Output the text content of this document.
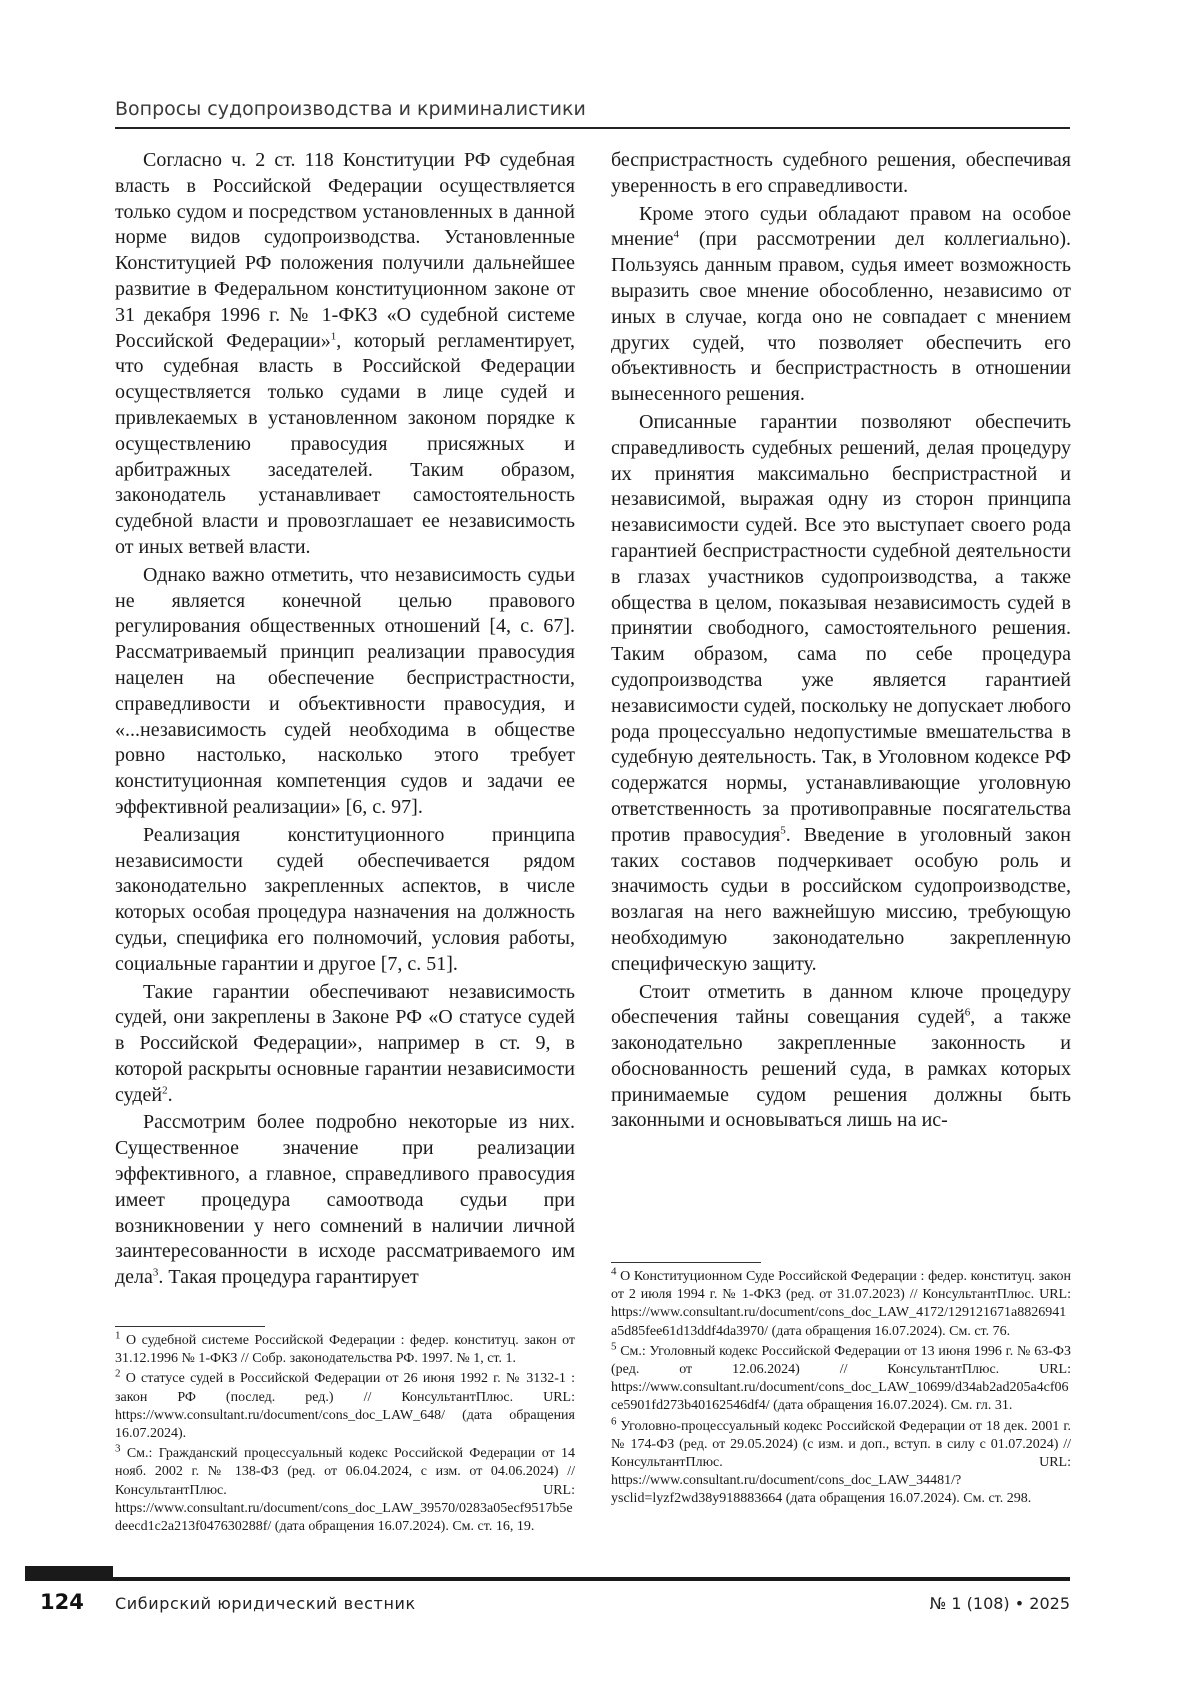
Вопросы судопроизводства и криминалистики

Согласно ч. 2 ст. 118 Конституции РФ судебная власть в Российской Федерации осуществляется только судом и посредством установленных в данной норме видов судопроизводства. Установленные Конституцией РФ положения получили дальнейшее развитие в Федеральном конституционном законе от 31 декабря 1996 г. № 1-ФКЗ «О судебной системе Российской Федерации»$^1$, который регламентирует, что судебная власть в Российской Федерации осуществляется только судами в лице судей и привлекаемых в установленном законом порядке к осуществлению правосудия присяжных и арбитражных заседателей. Таким образом, законодатель устанавливает самостоятельность судебной власти и провозглашает ее независимость от иных ветвей власти.

Однако важно отметить, что независимость судьи не является конечной целью правового регулирования общественных отношений [4, с. 67]. Рассматриваемый принцип реализации правосудия нацелен на обеспечение беспристрастности, справедливости и объективности правосудия, и «...независимость судей необходима в обществе ровно настолько, насколько этого требует конституционная компетенция судов и задачи ее эффективной реализации» [6, с. 97].

Реализация конституционного принципа независимости судей обеспечивается рядом законодательно закрепленных аспектов, в числе которых особая процедура назначения на должность судьи, специфика его полномочий, условия работы, социальные гарантии и другое [7, с. 51].

Такие гарантии обеспечивают независимость судей, они закреплены в Законе РФ «О статусе судей в Российской Федерации», например в ст. 9, в которой раскрыты основные гарантии независимости судей$^2$.

Рассмотрим более подробно некоторые из них. Существенное значение при реализации эффективного, а главное, справедливого правосудия имеет процедура самоотвода судьи при возникновении у него сомнений в наличии личной заинтересованности в исходе рассматриваемого им дела$^3$. Такая процедура гарантирует

беспристрастность судебного решения, обеспечивая уверенность в его справедливости.

Кроме этого судьи обладают правом на особое мнение$^4$ (при рассмотрении дел коллегиально). Пользуясь данным правом, судья имеет возможность выразить свое мнение обособленно, независимо от иных в случае, когда оно не совпадает с мнением других судей, что позволяет обеспечить его объективность и беспристрастность в отношении вынесенного решения.

Описанные гарантии позволяют обеспечить справедливость судебных решений, делая процедуру их принятия максимально беспристрастной и независимой, выражая одну из сторон принципа независимости судей. Все это выступает своего рода гарантией беспристрастности судебной деятельности в глазах участников судопроизводства, а также общества в целом, показывая независимость судей в принятии свободного, самостоятельного решения. Таким образом, сама по себе процедура судопроизводства уже является гарантией независимости судей, поскольку не допускает любого рода процессуально недопустимые вмешательства в судебную деятельность. Так, в Уголовном кодексе РФ содержатся нормы, устанавливающие уголовную ответственность за противоправные посягательства против правосудия$^5$. Введение в уголовный закон таких составов подчеркивает особую роль и значимость судьи в российском судопроизводстве, возлагая на него важнейшую миссию, требующую необходимую законодательно закрепленную специфическую защиту.

Стоит отметить в данном ключе процедуру обеспечения тайны совещания судей$^6$, а также законодательно закрепленные законность и обоснованность решений суда, в рамках которых принимаемые судом решения должны быть законными и основываться лишь на ис-

$^1$ О судебной системе Российской Федерации : федер. конституц. закон от 31.12.1996 № 1-ФКЗ // Собр. законодательства РФ. 1997. № 1, ст. 1.

$^2$ О статусе судей в Российской Федерации от 26 июня 1992 г. № 3132-1 : закон РФ (послед. ред.) // КонсультантПлюс. URL: https://www.consultant.ru/document/cons_doc_LAW_648/ (дата обращения 16.07.2024).

$^3$ См.: Гражданский процессуальный кодекс Российской Федерации от 14 нояб. 2002 г. № 138-ФЗ (ред. от 06.04.2024, с изм. от 04.06.2024) // КонсультантПлюс. URL: https://www.consultant.ru/document/cons_doc_LAW_39570/0283a05ecf9517b5edeecd1c2a213f047630288f/ (дата обращения 16.07.2024). См. ст. 16, 19.

$^4$ О Конституционном Суде Российской Федерации : федер. конституц. закон от 2 июля 1994 г. № 1-ФКЗ (ред. от 31.07.2023) // КонсультантПлюс. URL: https://www.consultant.ru/document/cons_doc_LAW_4172/129121671a8826941a5d85fee61d13ddf4da3970/ (дата обращения 16.07.2024). См. ст. 76.

$^5$ См.: Уголовный кодекс Российской Федерации от 13 июня 1996 г. № 63-ФЗ (ред. от 12.06.2024) // КонсультантПлюс. URL: https://www.consultant.ru/document/cons_doc_LAW_10699/d34ab2ad205a4cf06ce5901fd273b40162546df4/ (дата обращения 16.07.2024). См. гл. 31.

$^6$ Уголовно-процессуальный кодекс Российской Федерации от 18 дек. 2001 г. № 174-ФЗ (ред. от 29.05.2024) (с изм. и доп., вступ. в силу с 01.07.2024) // КонсультантПлюс. URL: https://www.consultant.ru/document/cons_doc_LAW_34481/?ysclid=lyzf2wd38y918883664 (дата обращения 16.07.2024). См. ст. 298.

124 Сибирский юридический вестник	№ 1 (108) • 2025
